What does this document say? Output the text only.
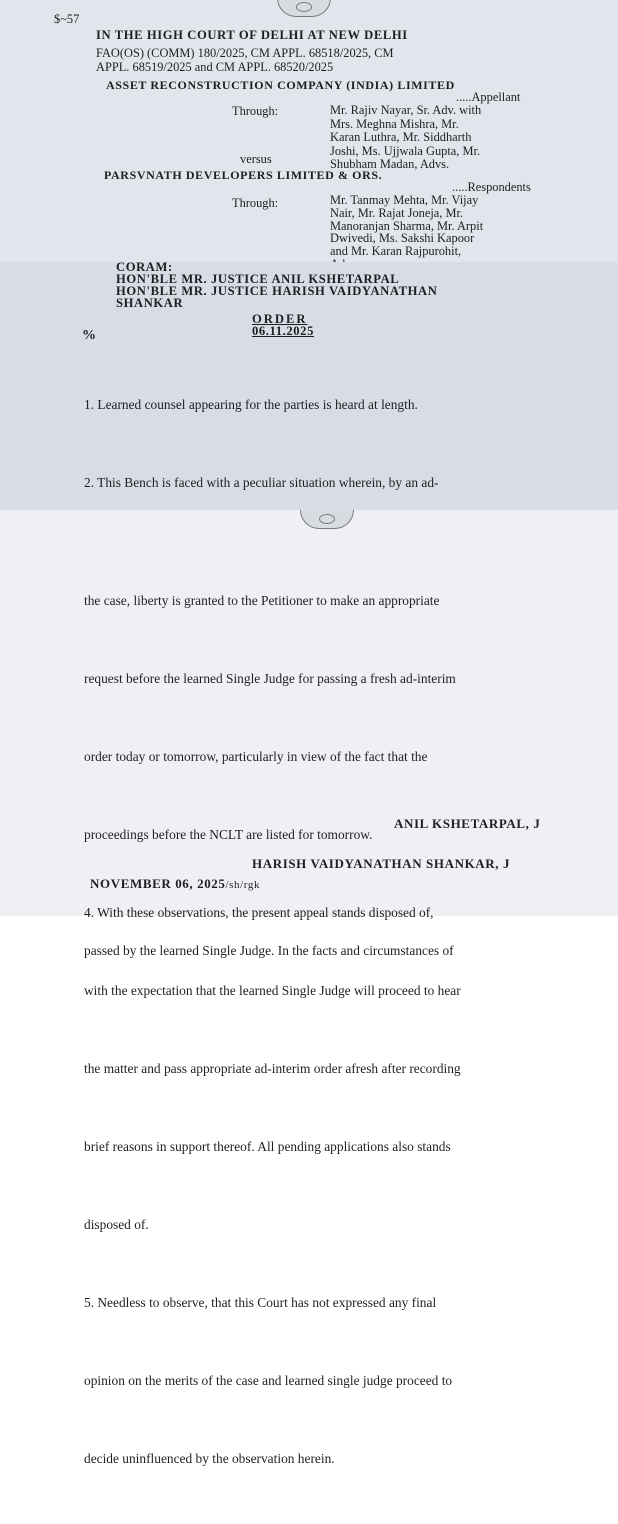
$~57
IN THE HIGH COURT OF DELHI AT NEW DELHI
FAO(OS) (COMM) 180/2025, CM APPL. 68518/2025, CM
APPL. 68519/2025 and CM APPL. 68520/2025
ASSET RECONSTRUCTION COMPANY (INDIA) LIMITED
.....Appellant
Through:	Mr. Rajiv Nayar, Sr. Adv. with
Mrs. Meghna Mishra, Mr.
Karan Luthra, Mr. Siddharth
Joshi, Ms. Ujjwala Gupta, Mr.
Shubham Madan, Advs.
versus
PARSVNATH DEVELOPERS LIMITED & ORS.
.....Respondents
Through:	Mr. Tanmay Mehta, Mr. Vijay
Nair, Mr. Rajat Joneja, Mr.
Manoranjan Sharma, Mr. Arpit
Dwivedi, Ms. Sakshi Kapoor
and Mr. Karan Rajpurohit,
CORAM:
HON'BLE MR. JUSTICE ANIL KSHETARPAL
HON'BLE MR. JUSTICE HARISH VAIDYANATHAN
SHANKAR
ORDER
06.11.2025
%

1. Learned counsel appearing for the parties is heard at length.

2. This Bench is faced with a peculiar situation wherein, by an ad-

passed by the learned Single Judge. In the facts and circumstances of

the case, liberty is granted to the Petitioner to make an appropriate

request before the learned Single Judge for passing a fresh ad-interim

order today or tomorrow, particularly in view of the fact that the

proceedings before the NCLT are listed for tomorrow.

4. With these observations, the present appeal stands disposed of,

with the expectation that the learned Single Judge will proceed to hear

the matter and pass appropriate ad-interim order afresh after recording

brief reasons in support thereof. All pending applications also stands

disposed of.

5. Needless to observe, that this Court has not expressed any final

opinion on the merits of the case and learned single judge proceed to

decide uninfluenced by the observation herein.

ANIL KSHETARPAL, J
HARISH VAIDYANATHAN SHANKAR, J
NOVEMBER 06, 2025/sh/rgk
